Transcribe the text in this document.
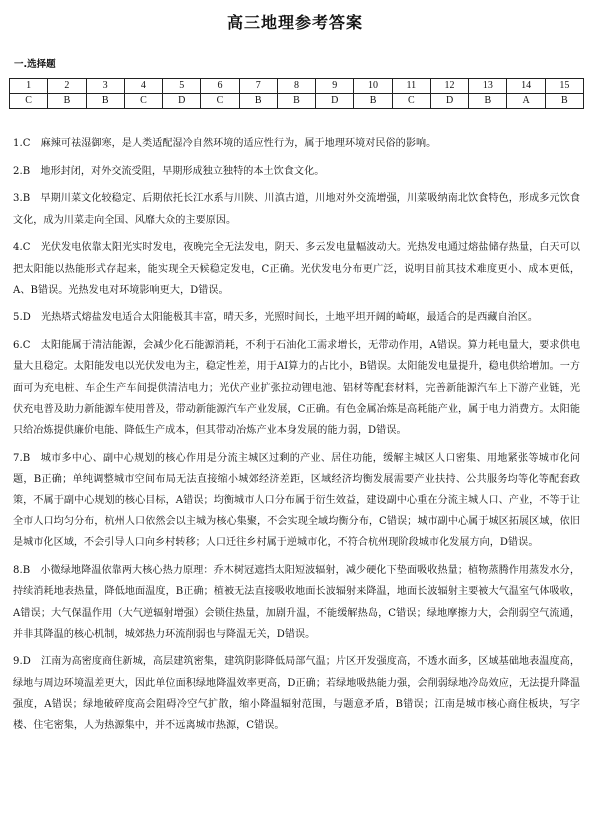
高三地理参考答案
一.选择题
1	2	3	4	5	6	7	8	9	10	11	12	13	14	15
C	B	B	C	D	C	B	B	D	B	C	D	B	A	B

1.C　麻辣可祛湿御寒，是人类适配湿冷自然环境的适应性行为，属于地理环境对民俗的影响。

2.B　地形封闭，对外交流受阻，早期形成独立独特的本土饮食文化。

3.B　早期川菜文化较稳定、后期依托长江水系与川陕、川滇古道，川地对外交流增强，川菜吸纳南北饮食特色，形成多元饮食文化，成为川菜走向全国、风靡大众的主要原因。

4.C　光伏发电依靠太阳光实时发电，夜晚完全无法发电，阴天、多云发电量幅波动大。光热发电通过熔盐储存热量，白天可以把太阳能以热能形式存起来，能实现全天候稳定发电，C正确。光伏发电分布更广泛，说明目前其技术难度更小、成本更低，A、B错误。光热发电对环境影响更大，D错误。

5.D　光热塔式熔盐发电适合太阳能极其丰富，晴天多，光照时间长，土地平坦开阔的崎岖，最适合的是西藏自治区。

6.C　太阳能属于清洁能源，会减少化石能源消耗，不利于石油化工需求增长，无带动作用，A错误。算力耗电量大，要求供电量大且稳定。太阳能发电以光伏发电为主，稳定性差，用于AI算力的占比小，B错误。太阳能发电量提升，稳电供给增加。一方面可为充电桩、车企生产车间提供清洁电力；光伏产业扩张拉动锂电池、铝材等配套材料，完善新能源汽车上下游产业链，光伏充电普及助力新能源车使用普及，带动新能源汽车产业发展，C正确。有色金属冶炼是高耗能产业，属于电力消费方。太阳能只给冶炼提供廉价电能、降低生产成本，但其带动冶炼产业本身发展的能力弱，D错误。

7.B　城市多中心、副中心规划的核心作用是分流主城区过剩的产业、居住功能，缓解主城区人口密集、用地紧张等城市化问题，B正确；单纯调整城市空间布局无法直接缩小城郊经济差距，区域经济均衡发展需要产业扶持、公共服务均等化等配套政策，不属于副中心规划的核心目标，A错误；均衡城市人口分布属于衍生效益，建设副中心重在分流主城人口、产业，不等于让全市人口均匀分布，杭州人口依然会以主城为核心集聚，不会实现全域均衡分布，C错误；城市副中心属于城区拓展区域，依旧是城市化区域，不会引导人口向乡村转移；人口迁往乡村属于逆城市化，不符合杭州现阶段城市化发展方向，D错误。

8.B　小微绿地降温依靠两大核心热力原理：乔木树冠遮挡太阳短波辐射，减少硬化下垫面吸收热量；植物蒸腾作用蒸发水分，持续消耗地表热量，降低地面温度，B正确；植被无法直接吸收地面长波辐射来降温，地面长波辐射主要被大气温室气体吸收，A错误；大气保温作用（大气逆辐射增强）会锁住热量，加剧升温，不能缓解热岛，C错误；绿地摩擦力大，会削弱空气流通，并非其降温的核心机制，城郊热力环流削弱也与降温无关，D错误。

9.D　江南为高密度商住新城，高层建筑密集，建筑阴影降低局部气温；片区开发强度高，不透水面多，区域基础地表温度高，绿地与周边环境温差更大，因此单位面积绿地降温效率更高，D正确；若绿地吸热能力强，会削弱绿地冷岛效应，无法提升降温强度，A错误；绿地破碎度高会阻碍冷空气扩散，缩小降温辐射范围，与题意矛盾，B错误；江南是城市核心商住板块，写字楼、住宅密集，人为热源集中，并不远离城市热源，C错误。
